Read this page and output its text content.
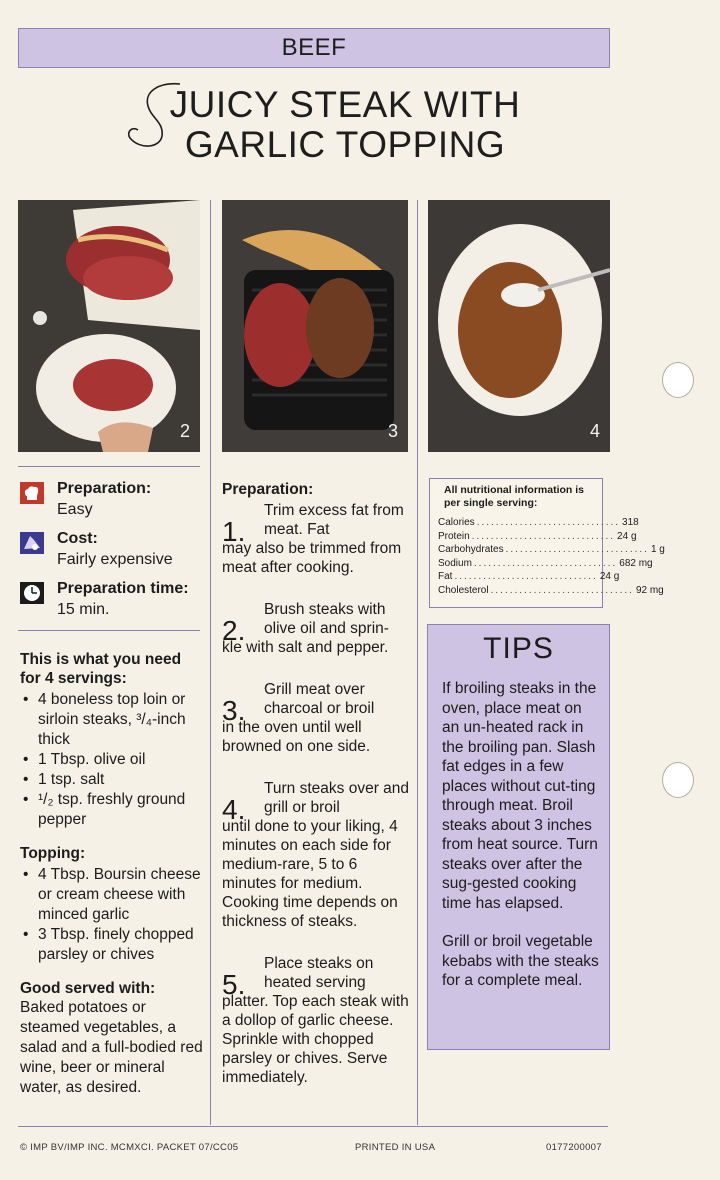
BEEF
JUICY STEAK WITH
GARLIC TOPPING
2	3	4
Preparation:
Easy
Cost:
Fairly expensive
Preparation time:
15 min.

This is what you need for 4 servings:

• 4 boneless top loin or sirloin steaks, ³/₄-inch thick
• 1 Tbsp. olive oil
• 1 tsp. salt
• ¹/₂ tsp. freshly ground pepper

Topping:

• 4 Tbsp. Boursin cheese or cream cheese with minced garlic
• 3 Tbsp. finely chopped parsley or chives

Good served with:

Baked potatoes or steamed vegetables, a salad and a full-bodied red wine, beer or mineral water, as desired.

Preparation:

1.
Trim excess fat from meat. Fat
may also be trimmed from meat after cooking.
2.
Brush steaks with olive oil and sprin-
kle with salt and pepper.
3.
Grill meat over charcoal or broil
in the oven until well browned on one side.
4.
Turn steaks over and grill or broil
until done to your liking, 4 minutes on each side for medium-rare, 5 to 6 minutes for medium. Cooking time depends on thickness of steaks.
5.
Place steaks on heated serving
platter. Top each steak with a dollop of garlic cheese. Sprinkle with chopped parsley or chives. Serve immediately.
All nutritional information is per single serving:
Calories .............................. 318
Protein .............................. 24 g
Carbohydrates .............................. 1 g
Sodium .............................. 682 mg
Fat .............................. 24 g
Cholesterol .............................. 92 mg
TIPS
If broiling steaks in the oven, place meat on an un-heated rack in the broiling pan. Slash fat edges in a few places without cut-ting through meat. Broil steaks about 3 inches from heat source. Turn steaks over after the sug-gested cooking time has elapsed.
Grill or broil vegetable kebabs with the steaks for a complete meal.
© IMP BV/IMP INC. MCMXCI. PACKET 07/CC05	PRINTED IN USA	0177200007
